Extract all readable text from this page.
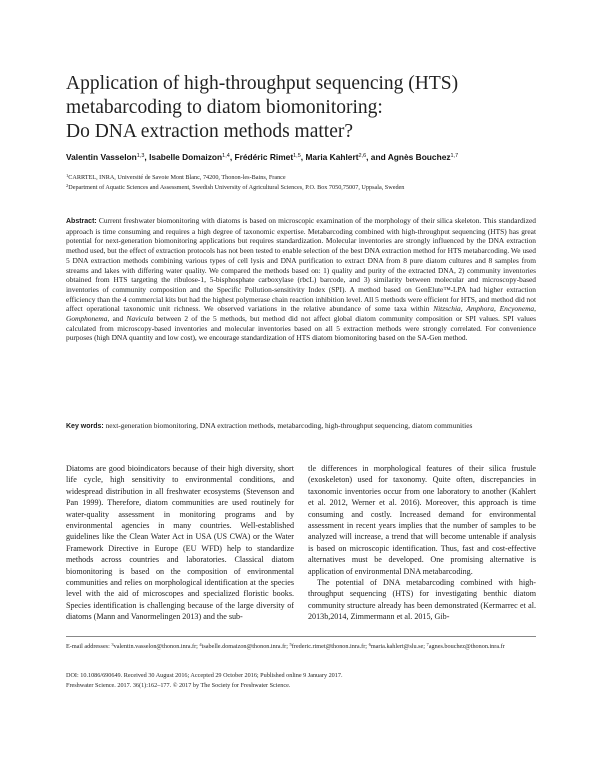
Application of high-throughput sequencing (HTS)
metabarcoding to diatom biomonitoring:
Do DNA extraction methods matter?
Valentin Vasselon$^{1,3}$, Isabelle Domaizon$^{1,4}$, Frédéric Rimet$^{1,5}$, Maria Kahlert$^{2,6}$, and Agnès Bouchez$^{1,7}$
$^1$CARRTEL, INRA, Université de Savoie Mont Blanc, 74200, Thonon-les-Bains, France
$^2$Department of Aquatic Sciences and Assessment, Swedish University of Agricultural Sciences, P.O. Box 7050,75007, Uppsala, Sweden
Abstract: Current freshwater biomonitoring with diatoms is based on microscopic examination of the morphology of their silica skeleton. This standardized approach is time consuming and requires a high degree of taxonomic expertise. Metabarcoding combined with high-throughput sequencing (HTS) has great potential for next-generation biomonitoring applications but requires standardization. Molecular inventories are strongly influenced by the DNA extraction method used, but the effect of extraction protocols has not been tested to enable selection of the best DNA extraction method for HTS metabarcoding. We used 5 DNA extraction methods combining various types of cell lysis and DNA purification to extract DNA from 8 pure diatom cultures and 8 samples from streams and lakes with differing water quality. We compared the methods based on: 1) quality and purity of the extracted DNA, 2) community inventories obtained from HTS targeting the ribulose-1, 5-bisphosphate carboxylase (rbcL) barcode, and 3) similarity between molecular and microscopy-based inventories of community composition and the Specific Pollution-sensitivity Index (SPI). A method based on GenElute™-LPA had higher extraction efficiency than the 4 commercial kits but had the highest polymerase chain reaction inhibition level. All 5 methods were efficient for HTS, and method did not affect operational taxonomic unit richness. We observed variations in the relative abundance of some taxa within Nitzschia, Amphora, Encyonema, Gomphonema, and Navicula between 2 of the 5 methods, but method did not affect global diatom community composition or SPI values. SPI values calculated from microscopy-based inventories and molecular inventories based on all 5 extraction methods were strongly correlated. For convenience purposes (high DNA quantity and low cost), we encourage standardization of HTS diatom biomonitoring based on the SA-Gen method.
Key words: next-generation biomonitoring, DNA extraction methods, metabarcoding, high-throughput sequencing, diatom communities

Diatoms are good bioindicators because of their high diversity, short life cycle, high sensitivity to environmental conditions, and widespread distribution in all freshwater ecosystems (Stevenson and Pan 1999). Therefore, diatom communities are used routinely for water-quality assessment in monitoring programs and by environmental agencies in many countries. Well-established guidelines like the Clean Water Act in USA (US CWA) or the Water Framework Directive in Europe (EU WFD) help to standardize methods across countries and laboratories. Classical diatom biomonitoring is based on the composition of environmental communities and relies on morphological identification at the species level with the aid of microscopes and specialized floristic books. Species identification is challenging because of the large diversity of diatoms (Mann and Vanormelingen 2013) and the sub-

tle differences in morphological features of their silica frustule (exoskeleton) used for taxonomy. Quite often, discrepancies in taxonomic inventories occur from one laboratory to another (Kahlert et al. 2012, Werner et al. 2016). Moreover, this approach is time consuming and costly. Increased demand for environmental assessment in recent years implies that the number of samples to be analyzed will increase, a trend that will become untenable if analysis is based on microscopic identification. Thus, fast and cost-effective alternatives must be developed. One promising alternative is application of environmental DNA metabarcoding.

The potential of DNA metabarcoding combined with high-throughput sequencing (HTS) for investigating benthic diatom community structure already has been demonstrated (Kermarrec et al. 2013b,2014, Zimmermann et al. 2015, Gib-

E-mail addresses: $^3$valentin.vasselon@thonon.inra.fr; $^4$isabelle.domaizon@thonon.inra.fr; $^5$frederic.rimet@thonon.inra.fr; $^6$maria.kahlert@slu.se; $^7$agnes.bouchez@thonon.inra.fr
DOI: 10.1086/690649. Received 30 August 2016; Accepted 29 October 2016; Published online 9 January 2017.
Freshwater Science. 2017. 36(1):162–177. © 2017 by The Society for Freshwater Science.
